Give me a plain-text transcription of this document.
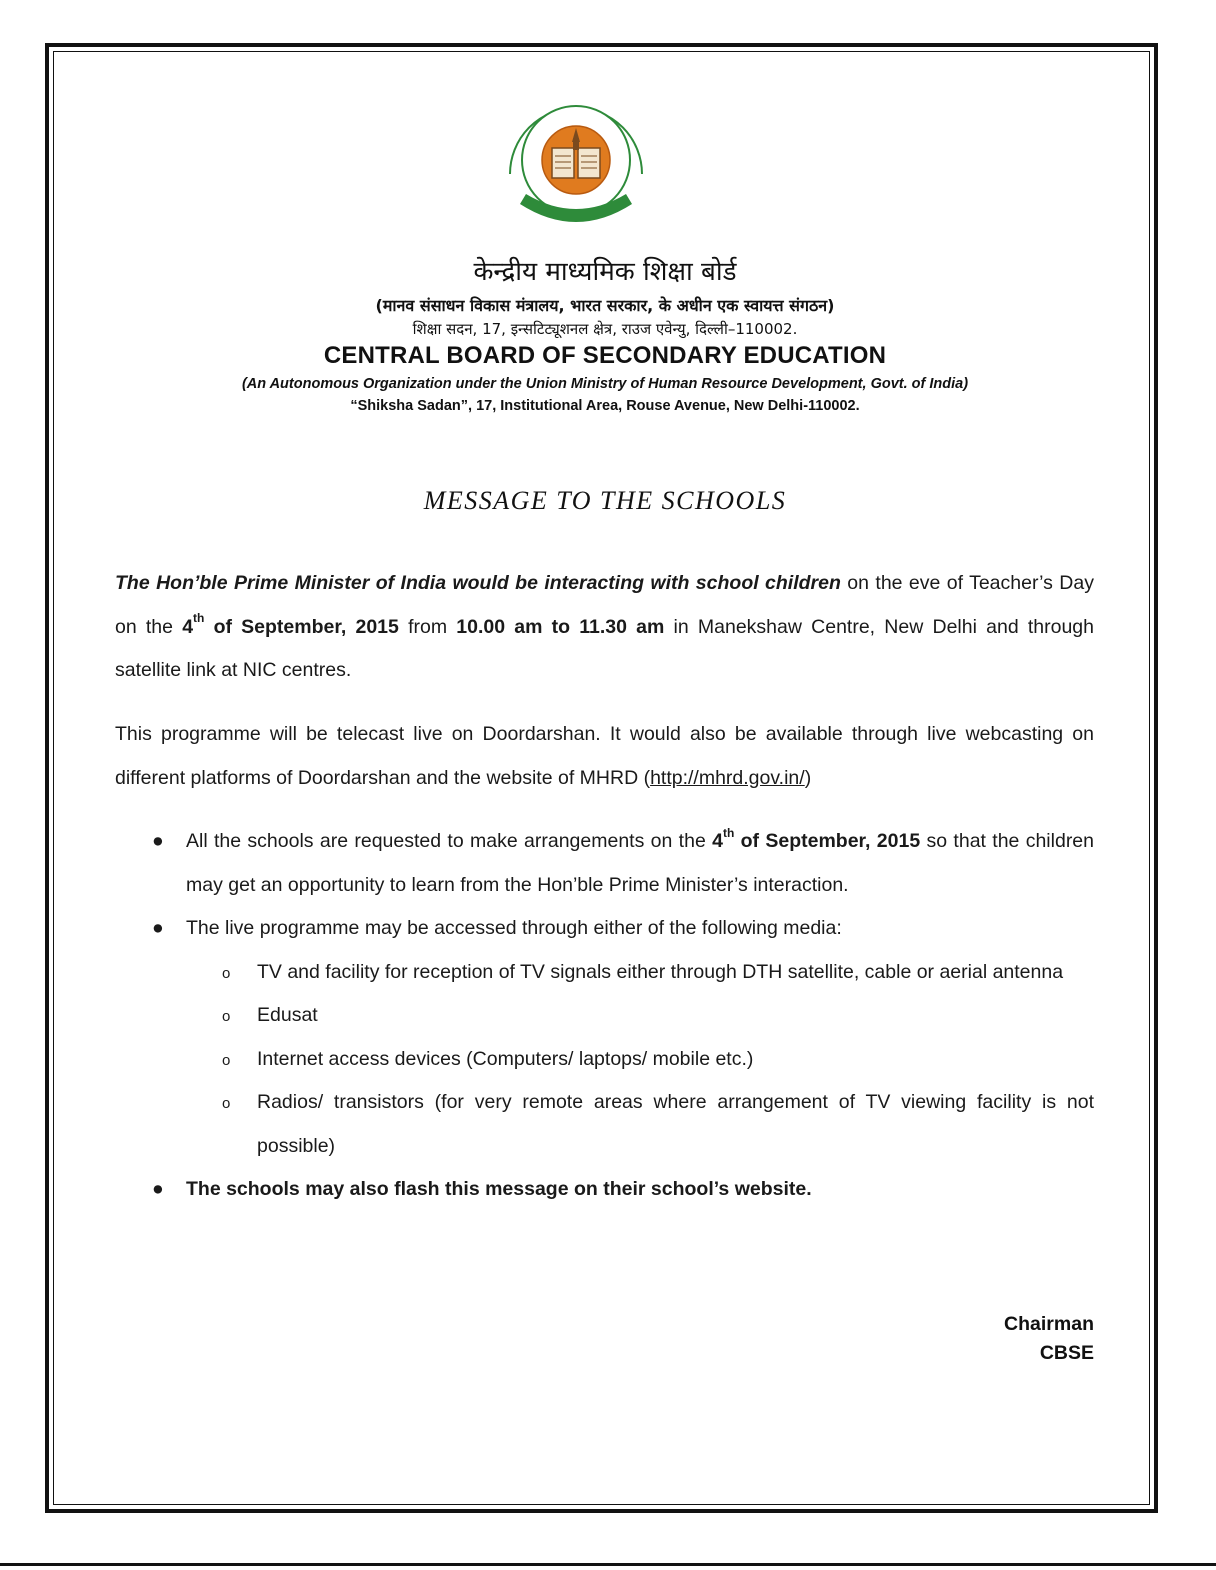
केन्द्रीय माध्यमिक शिक्षा बोर्ड
(मानव संसाधन विकास मंत्रालय, भारत सरकार, के अधीन एक स्वायत्त संगठन)
शिक्षा सदन, 17, इन्सटिट्यूशनल क्षेत्र, राउज एवेन्यु, दिल्ली–110002.
CENTRAL BOARD OF SECONDARY EDUCATION
(An Autonomous Organization under the Union Ministry of Human Resource Development, Govt. of India)
“Shiksha Sadan”, 17, Institutional Area, Rouse Avenue, New Delhi-110002.
MESSAGE TO THE SCHOOLS
The Hon’ble Prime Minister of India would be interacting with school children on the eve of Teacher’s Day on the 4th of September, 2015 from 10.00 am to 11.30 am in Manekshaw Centre, New Delhi and through satellite link at NIC centres.
This programme will be telecast live on Doordarshan. It would also be available through live webcasting on different platforms of Doordarshan and the website of MHRD (http://mhrd.gov.in/)
● All the schools are requested to make arrangements on the 4th of September, 2015 so that the children may get an opportunity to learn from the Hon’ble Prime Minister’s interaction.
● The live programme may be accessed through either of the following media:
o TV and facility for reception of TV signals either through DTH satellite, cable or aerial antenna
o Edusat
o Internet access devices (Computers/ laptops/ mobile etc.)
o Radios/ transistors (for very remote areas where arrangement of TV viewing facility is not possible)
● The schools may also flash this message on their school’s website.
Chairman
CBSE
